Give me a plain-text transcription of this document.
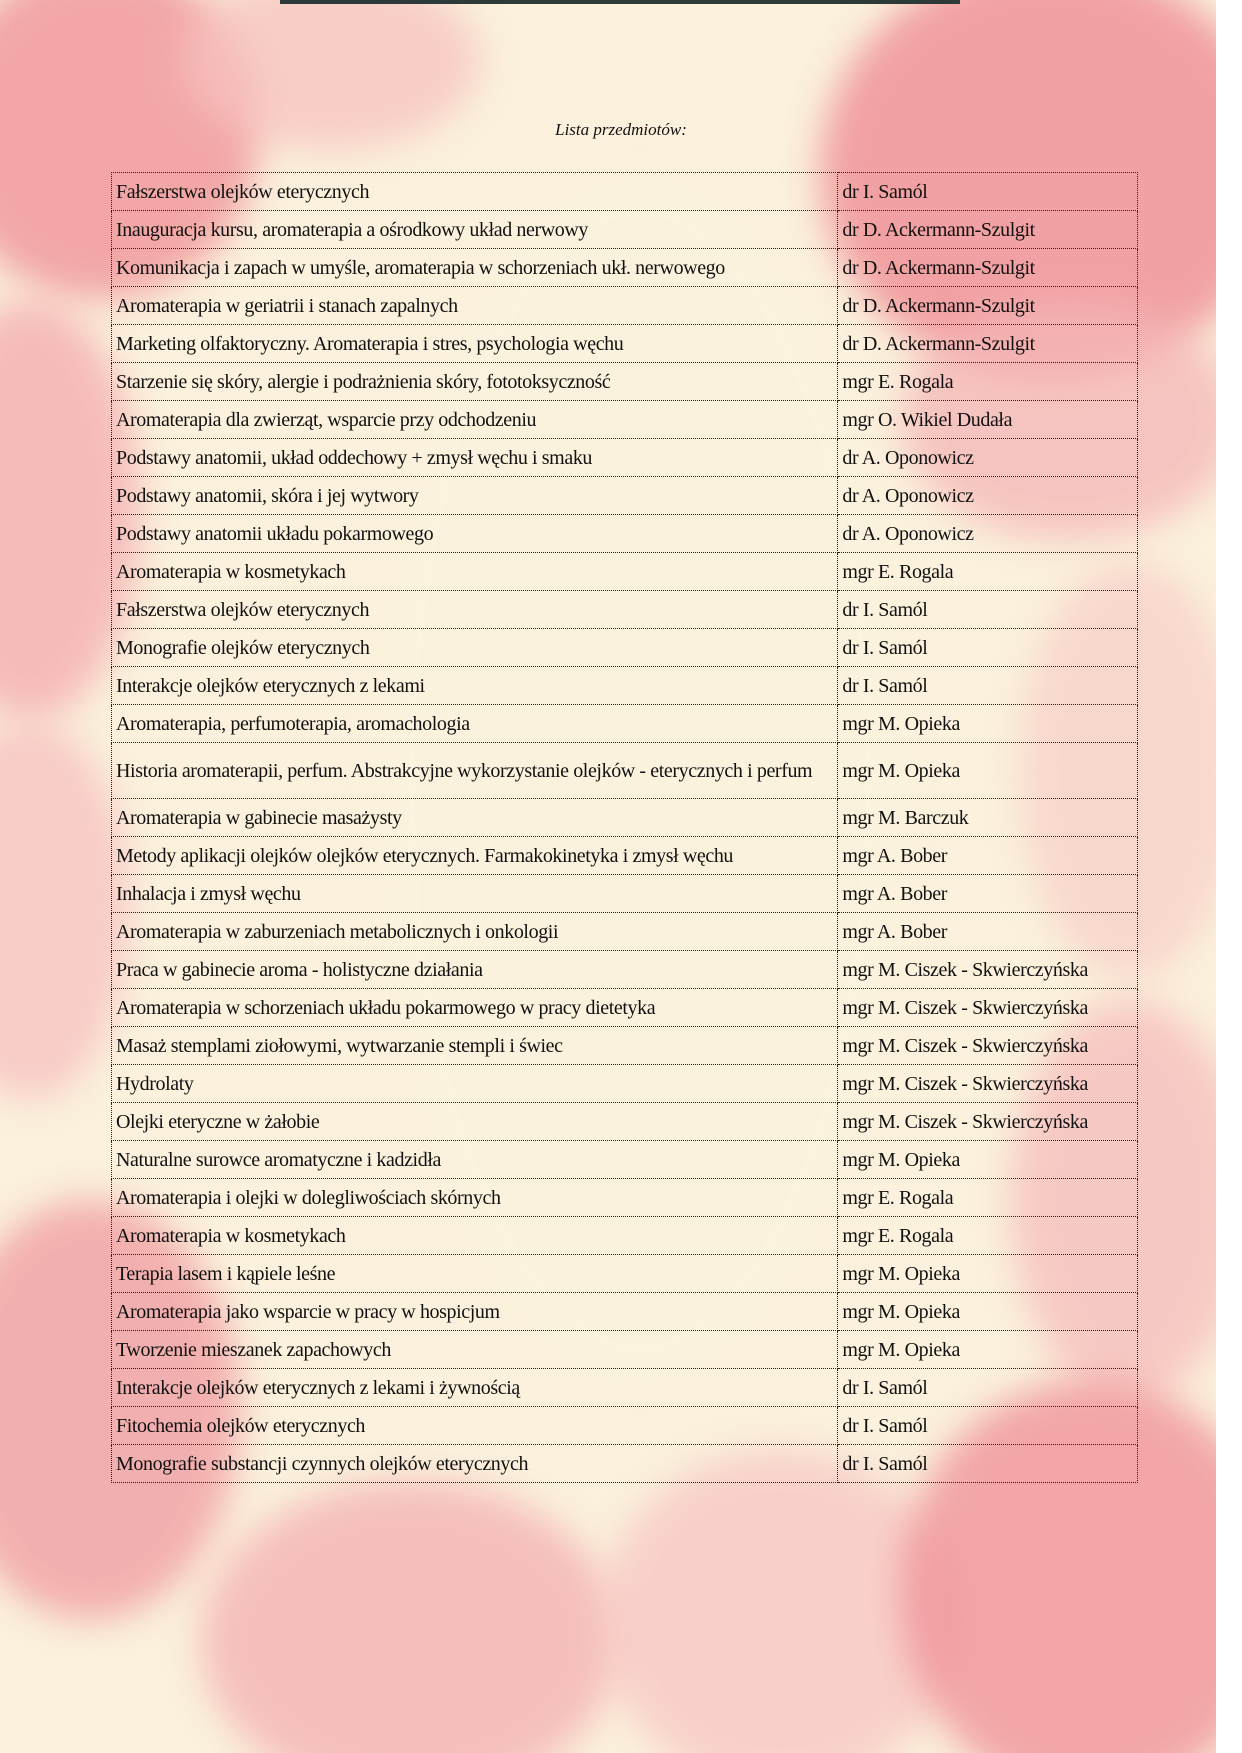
Lista przedmiotów:
Fałszerstwa olejków eterycznych	dr I. Samól
Inauguracja kursu, aromaterapia a ośrodkowy układ nerwowy	dr D. Ackermann-Szulgit
Komunikacja i zapach w umyśle, aromaterapia w schorzeniach ukł. nerwowego	dr D. Ackermann-Szulgit
Aromaterapia w geriatrii i stanach zapalnych	dr D. Ackermann-Szulgit
Marketing olfaktoryczny. Aromaterapia i stres, psychologia węchu	dr D. Ackermann-Szulgit
Starzenie się skóry, alergie i podrażnienia skóry, fototoksyczność	mgr E. Rogala
Aromaterapia dla zwierząt, wsparcie przy odchodzeniu	mgr O. Wikiel Dudała
Podstawy anatomii, układ oddechowy + zmysł węchu i smaku	dr A. Oponowicz
Podstawy anatomii, skóra i jej wytwory	dr A. Oponowicz
Podstawy anatomii układu pokarmowego	dr A. Oponowicz
Aromaterapia w kosmetykach	mgr E. Rogala
Fałszerstwa olejków eterycznych	dr I. Samól
Monografie olejków eterycznych	dr I. Samól
Interakcje olejków eterycznych z lekami	dr I. Samól
Aromaterapia, perfumoterapia, aromachologia	mgr M. Opieka
Historia aromaterapii, perfum. Abstrakcyjne wykorzystanie olejków - eterycznych i perfum	mgr M. Opieka
Aromaterapia w gabinecie masażysty	mgr M. Barczuk
Metody aplikacji olejków olejków eterycznych. Farmakokinetyka i zmysł węchu	mgr A. Bober
Inhalacja i zmysł węchu	mgr A. Bober
Aromaterapia w zaburzeniach metabolicznych i onkologii	mgr A. Bober
Praca w gabinecie aroma - holistyczne działania	mgr M. Ciszek - Skwierczyńska
Aromaterapia w schorzeniach układu pokarmowego w pracy dietetyka	mgr M. Ciszek - Skwierczyńska
Masaż stemplami ziołowymi, wytwarzanie stempli i świec	mgr M. Ciszek - Skwierczyńska
Hydrolaty	mgr M. Ciszek - Skwierczyńska
Olejki eteryczne w żałobie	mgr M. Ciszek - Skwierczyńska
Naturalne surowce aromatyczne i kadzidła	mgr M. Opieka
Aromaterapia i olejki w dolegliwościach skórnych	mgr E. Rogala
Aromaterapia w kosmetykach	mgr E. Rogala
Terapia lasem i kąpiele leśne	mgr M. Opieka
Aromaterapia jako wsparcie w pracy w hospicjum	mgr M. Opieka
Tworzenie mieszanek zapachowych	mgr M. Opieka
Interakcje olejków eterycznych z lekami i żywnością	dr I. Samól
Fitochemia olejków eterycznych	dr I. Samól
Monografie substancji czynnych olejków eterycznych	dr I. Samól
